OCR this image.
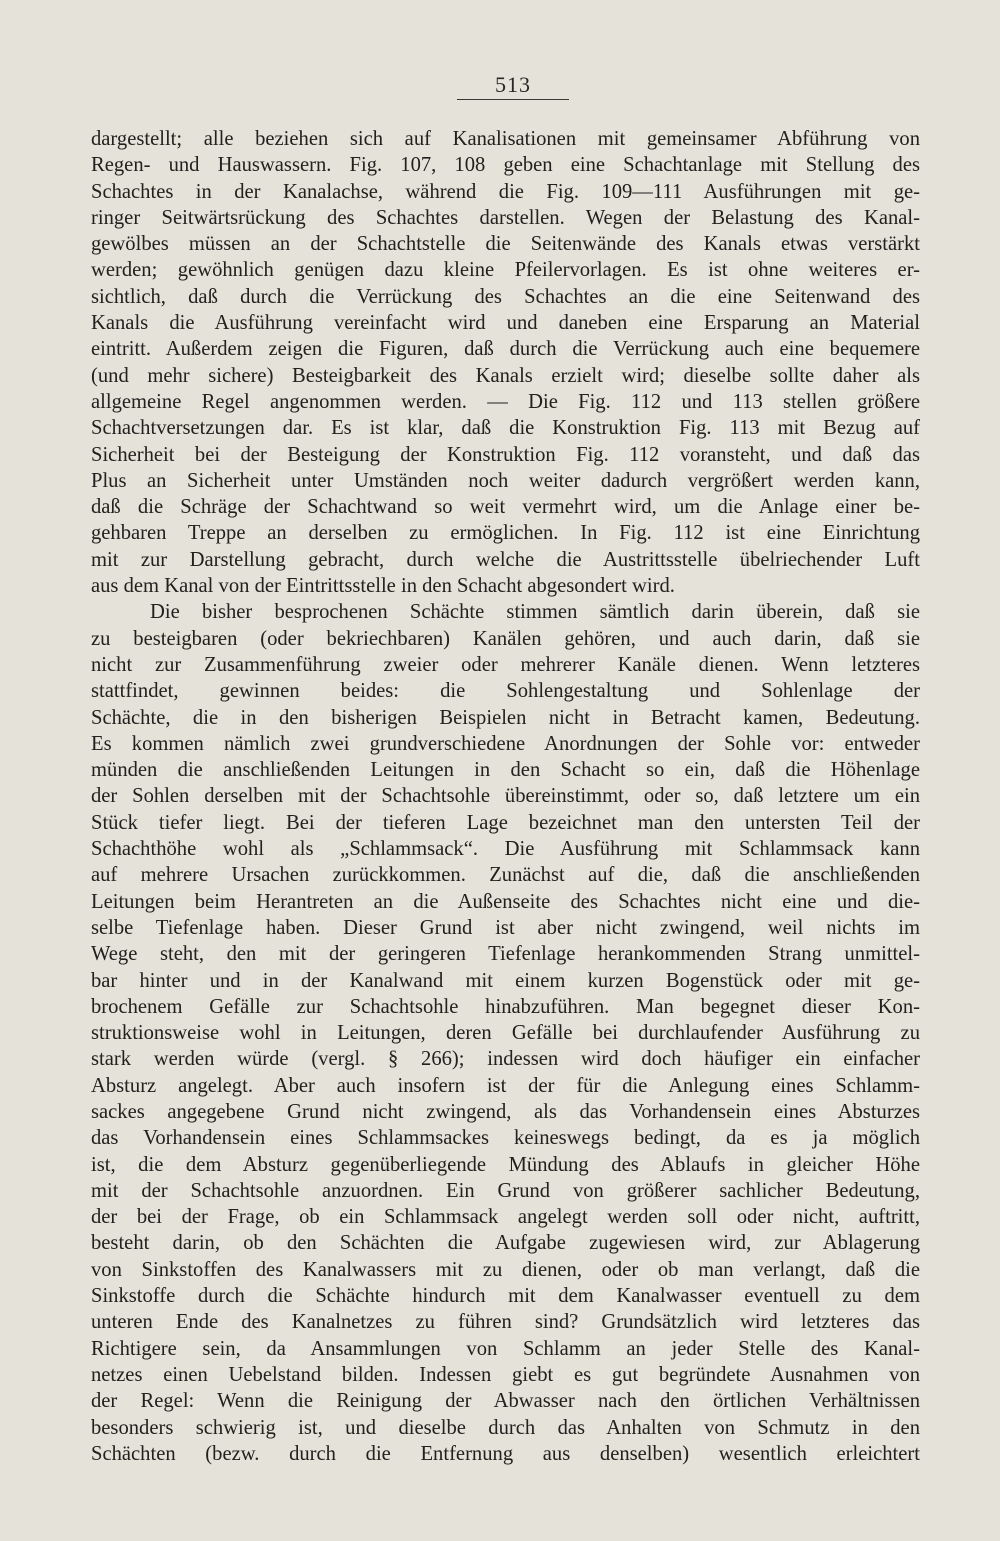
513
dargestellt; alle beziehen sich auf Kanalisationen mit gemeinsamer Abführung von
Regen- und Hauswassern. Fig. 107, 108 geben eine Schachtanlage mit Stellung des
Schachtes in der Kanalachse, während die Fig. 109—111 Ausführungen mit ge-
ringer Seitwärtsrückung des Schachtes darstellen. Wegen der Belastung des Kanal-
gewölbes müssen an der Schachtstelle die Seitenwände des Kanals etwas verstärkt
werden; gewöhnlich genügen dazu kleine Pfeilervorlagen. Es ist ohne weiteres er-
sichtlich, daß durch die Verrückung des Schachtes an die eine Seitenwand des
Kanals die Ausführung vereinfacht wird und daneben eine Ersparung an Material
eintritt. Außerdem zeigen die Figuren, daß durch die Verrückung auch eine bequemere
(und mehr sichere) Besteigbarkeit des Kanals erzielt wird; dieselbe sollte daher als
allgemeine Regel angenommen werden. — Die Fig. 112 und 113 stellen größere
Schachtversetzungen dar. Es ist klar, daß die Konstruktion Fig. 113 mit Bezug auf
Sicherheit bei der Besteigung der Konstruktion Fig. 112 voransteht, und daß das
Plus an Sicherheit unter Umständen noch weiter dadurch vergrößert werden kann,
daß die Schräge der Schachtwand so weit vermehrt wird, um die Anlage einer be-
gehbaren Treppe an derselben zu ermöglichen. In Fig. 112 ist eine Einrichtung
mit zur Darstellung gebracht, durch welche die Austrittsstelle übelriechender Luft
aus dem Kanal von der Eintrittsstelle in den Schacht abgesondert wird.
Die bisher besprochenen Schächte stimmen sämtlich darin überein, daß sie
zu besteigbaren (oder bekriechbaren) Kanälen gehören, und auch darin, daß sie
nicht zur Zusammenführung zweier oder mehrerer Kanäle dienen. Wenn letzteres
stattfindet, gewinnen beides: die Sohlengestaltung und Sohlenlage der
Schächte, die in den bisherigen Beispielen nicht in Betracht kamen, Bedeutung.
Es kommen nämlich zwei grundverschiedene Anordnungen der Sohle vor: entweder
münden die anschließenden Leitungen in den Schacht so ein, daß die Höhenlage
der Sohlen derselben mit der Schachtsohle übereinstimmt, oder so, daß letztere um ein
Stück tiefer liegt. Bei der tieferen Lage bezeichnet man den untersten Teil der
Schachthöhe wohl als „Schlammsack“. Die Ausführung mit Schlammsack kann
auf mehrere Ursachen zurückkommen. Zunächst auf die, daß die anschließenden
Leitungen beim Herantreten an die Außenseite des Schachtes nicht eine und die-
selbe Tiefenlage haben. Dieser Grund ist aber nicht zwingend, weil nichts im
Wege steht, den mit der geringeren Tiefenlage herankommenden Strang unmittel-
bar hinter und in der Kanalwand mit einem kurzen Bogenstück oder mit ge-
brochenem Gefälle zur Schachtsohle hinabzuführen. Man begegnet dieser Kon-
struktionsweise wohl in Leitungen, deren Gefälle bei durchlaufender Ausführung zu
stark werden würde (vergl. § 266); indessen wird doch häufiger ein einfacher
Absturz angelegt. Aber auch insofern ist der für die Anlegung eines Schlamm-
sackes angegebene Grund nicht zwingend, als das Vorhandensein eines Absturzes
das Vorhandensein eines Schlammsackes keineswegs bedingt, da es ja möglich
ist, die dem Absturz gegenüberliegende Mündung des Ablaufs in gleicher Höhe
mit der Schachtsohle anzuordnen. Ein Grund von größerer sachlicher Bedeutung,
der bei der Frage, ob ein Schlammsack angelegt werden soll oder nicht, auftritt,
besteht darin, ob den Schächten die Aufgabe zugewiesen wird, zur Ablagerung
von Sinkstoffen des Kanalwassers mit zu dienen, oder ob man verlangt, daß die
Sinkstoffe durch die Schächte hindurch mit dem Kanalwasser eventuell zu dem
unteren Ende des Kanalnetzes zu führen sind? Grundsätzlich wird letzteres das
Richtigere sein, da Ansammlungen von Schlamm an jeder Stelle des Kanal-
netzes einen Uebelstand bilden. Indessen giebt es gut begründete Ausnahmen von
der Regel: Wenn die Reinigung der Abwasser nach den örtlichen Verhältnissen
besonders schwierig ist, und dieselbe durch das Anhalten von Schmutz in den
Schächten (bezw. durch die Entfernung aus denselben) wesentlich erleichtert
